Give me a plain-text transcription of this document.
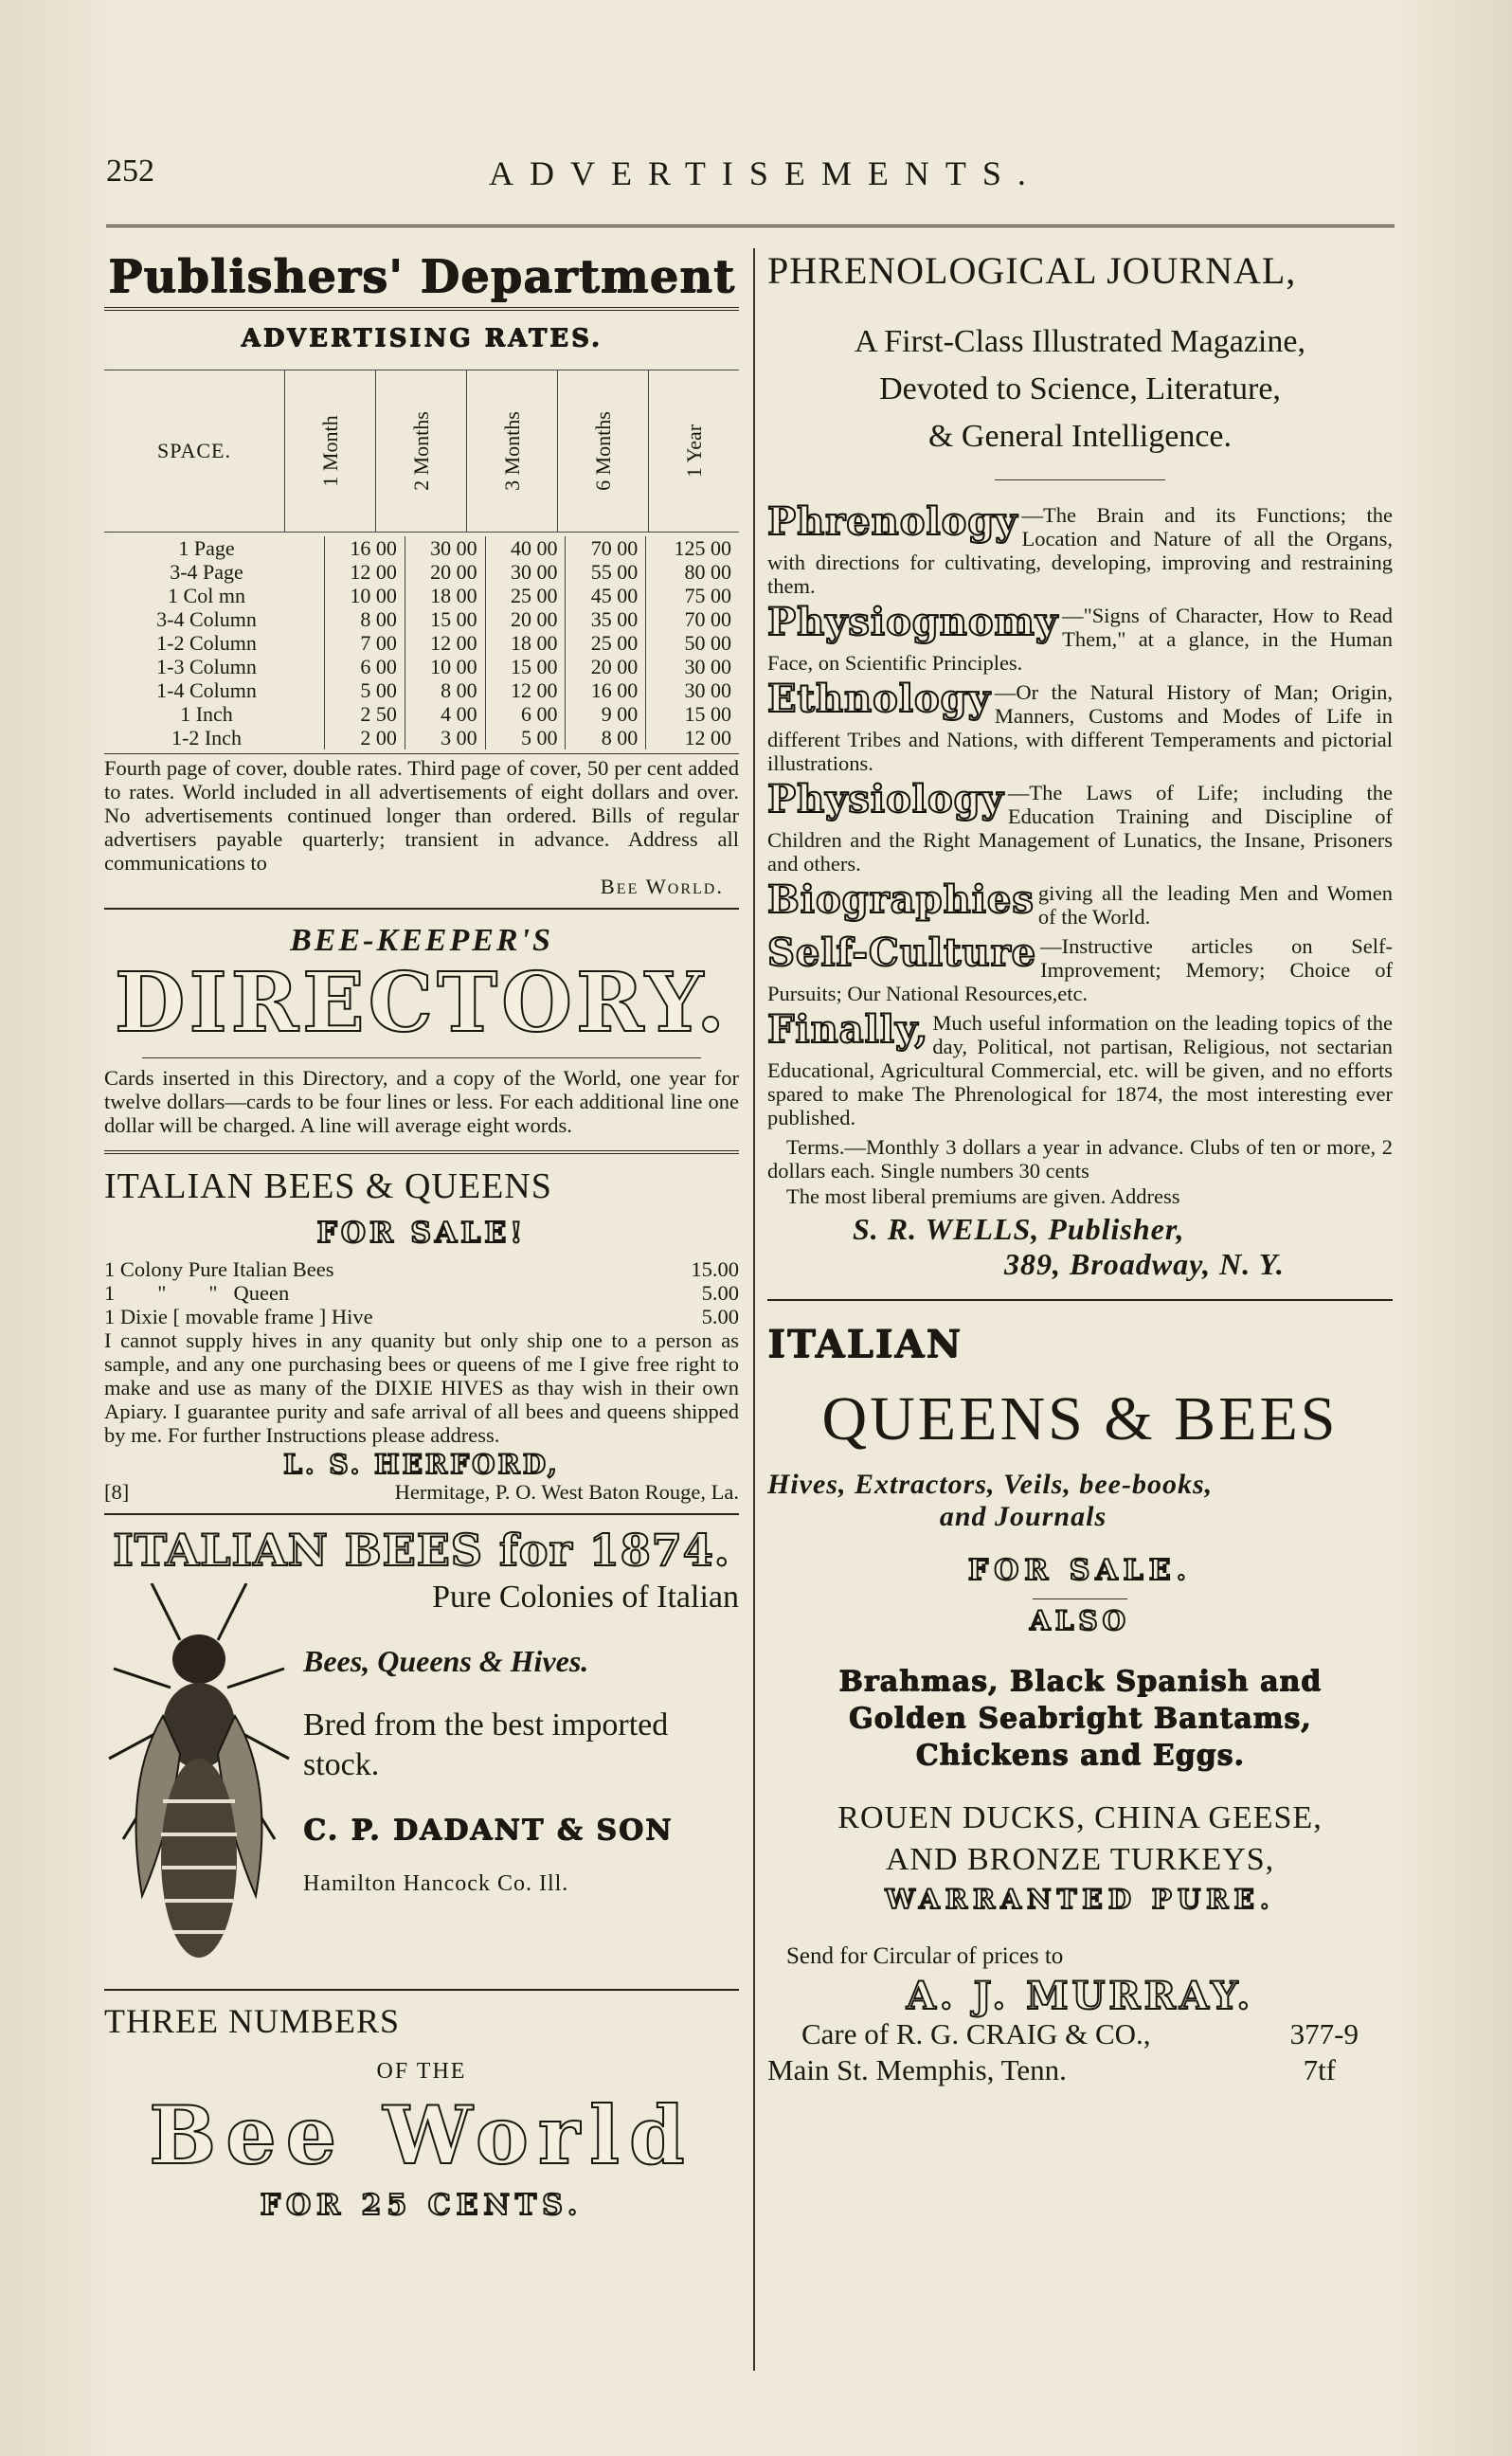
252	ADVERTISEMENTS.
Publishers' Department
ADVERTISING RATES.
SPACE.	1 Month	2 Months	3 Months	6 Months	1 Year
1 Page	16 00	30 00	40 00	70 00	125 00
3-4 Page	12 00	20 00	30 00	55 00	80 00
1 Col mn	10 00	18 00	25 00	45 00	75 00
3-4 Column	8 00	15 00	20 00	35 00	70 00
1-2 Column	7 00	12 00	18 00	25 00	50 00
1-3 Column	6 00	10 00	15 00	20 00	30 00
1-4 Column	5 00	8 00	12 00	16 00	30 00
1 Inch	2 50	4 00	6 00	9 00	15 00
1-2 Inch	2 00	3 00	5 00	8 00	12 00
Fourth page of cover, double rates. Third page of cover, 50 per cent added to rates. World included in all advertisements of eight dollars and over. No advertisements continued longer than ordered. Bills of regular advertisers payable quarterly; transient in advance. Address all communications to
Bee World.
BEE-KEEPER'S
DIRECTORY.
Cards inserted in this Directory, and a copy of the World, one year for twelve dollars—cards to be four lines or less. For each additional line one dollar will be charged. A line will average eight words.
ITALIAN BEES & QUEENS
FOR SALE!
1 Colony Pure Italian Bees	15.00
1        "        "   Queen	5.00
1 Dixie [ movable frame ] Hive	5.00
I cannot supply hives in any quanity but only ship one to a person as sample, and any one purchasing bees or queens of me I give free right to make and use as many of the DIXIE HIVES as thay wish in their own Apiary. I guarantee purity and safe arrival of all bees and queens shipped by me. For further Instructions please address.
L. S. HERFORD,
[8]	Hermitage, P. O. West Baton Rouge, La.
ITALIAN BEES for 1874.
Pure Colonies of Italian
Bees, Queens & Hives.
Bred from the best imported stock.
C. P. DADANT & SON
Hamilton Hancock Co. Ill.
THREE NUMBERS
OF THE
Bee World
FOR 25 CENTS.
PHRENOLOGICAL JOURNAL,
A First-Class Illustrated Magazine,
Devoted to Science, Literature,
& General Intelligence.
Phrenology —The Brain and its Functions; the Location and Nature of all the Organs, with directions for cultivating, developing, improving and restraining them.
Physiognomy —"Signs of Character, How to Read Them," at a glance, in the Human Face, on Scientific Principles.
Ethnology —Or the Natural History of Man; Origin, Manners, Customs and Modes of Life in different Tribes and Nations, with different Temperaments and pictorial illustrations.
Physiology —The Laws of Life; including the Education Training and Discipline of Children and the Right Management of Lunatics, the Insane, Prisoners and others.
Biographies giving all the leading Men and Women of the World.
Self-Culture —Instructive articles on Self-Improvement; Memory; Choice of Pursuits; Our National Resources,etc.
Finally, Much useful information on the leading topics of the day, Political, not partisan, Religious, not sectarian Educational, Agricultural Commercial, etc. will be given, and no efforts spared to make The Phrenological for 1874, the most interesting ever published.
Terms.—Monthly 3 dollars a year in advance. Clubs of ten or more, 2 dollars each. Single numbers 30 cents
The most liberal premiums are given. Address
S. R. WELLS, Publisher,
389, Broadway, N. Y.
ITALIAN
QUEENS & BEES
Hives, Extractors, Veils, bee-books,
and Journals
FOR SALE.
ALSO
Brahmas, Black Spanish and
Golden Seabright Bantams,
Chickens and Eggs.
ROUEN DUCKS, CHINA GEESE,
AND BRONZE TURKEYS,
WARRANTED PURE.
Send for Circular of prices to
A. J. MURRAY.
Care of R. G. CRAIG & CO.,	377-9
Main St. Memphis, Tenn.	7tf
